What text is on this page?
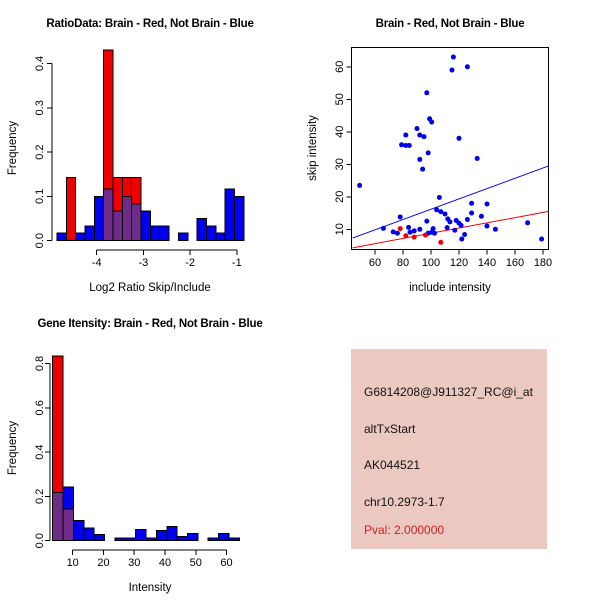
0.0
0.1
0.2
0.3
0.4
-4	-3	-2	-1
RatioData: Brain - Red, Not Brain - Blue
Frequency
Log2 Ratio Skip/Include
60 80 100 120 140 160 180
10
20
30
40
50
60
Brain - Red, Not Brain - Blue
skip intensity
include intensity
0.0
0.2
0.4
0.6
0.8
10 20 30 40 50 60
Gene Itensity: Brain - Red, Not Brain - Blue
Frequency
Intensity
G6814208@J911327_RC@i_at
altTxStart
AK044521
chr10.2973-1.7
Pval: 2.000000
